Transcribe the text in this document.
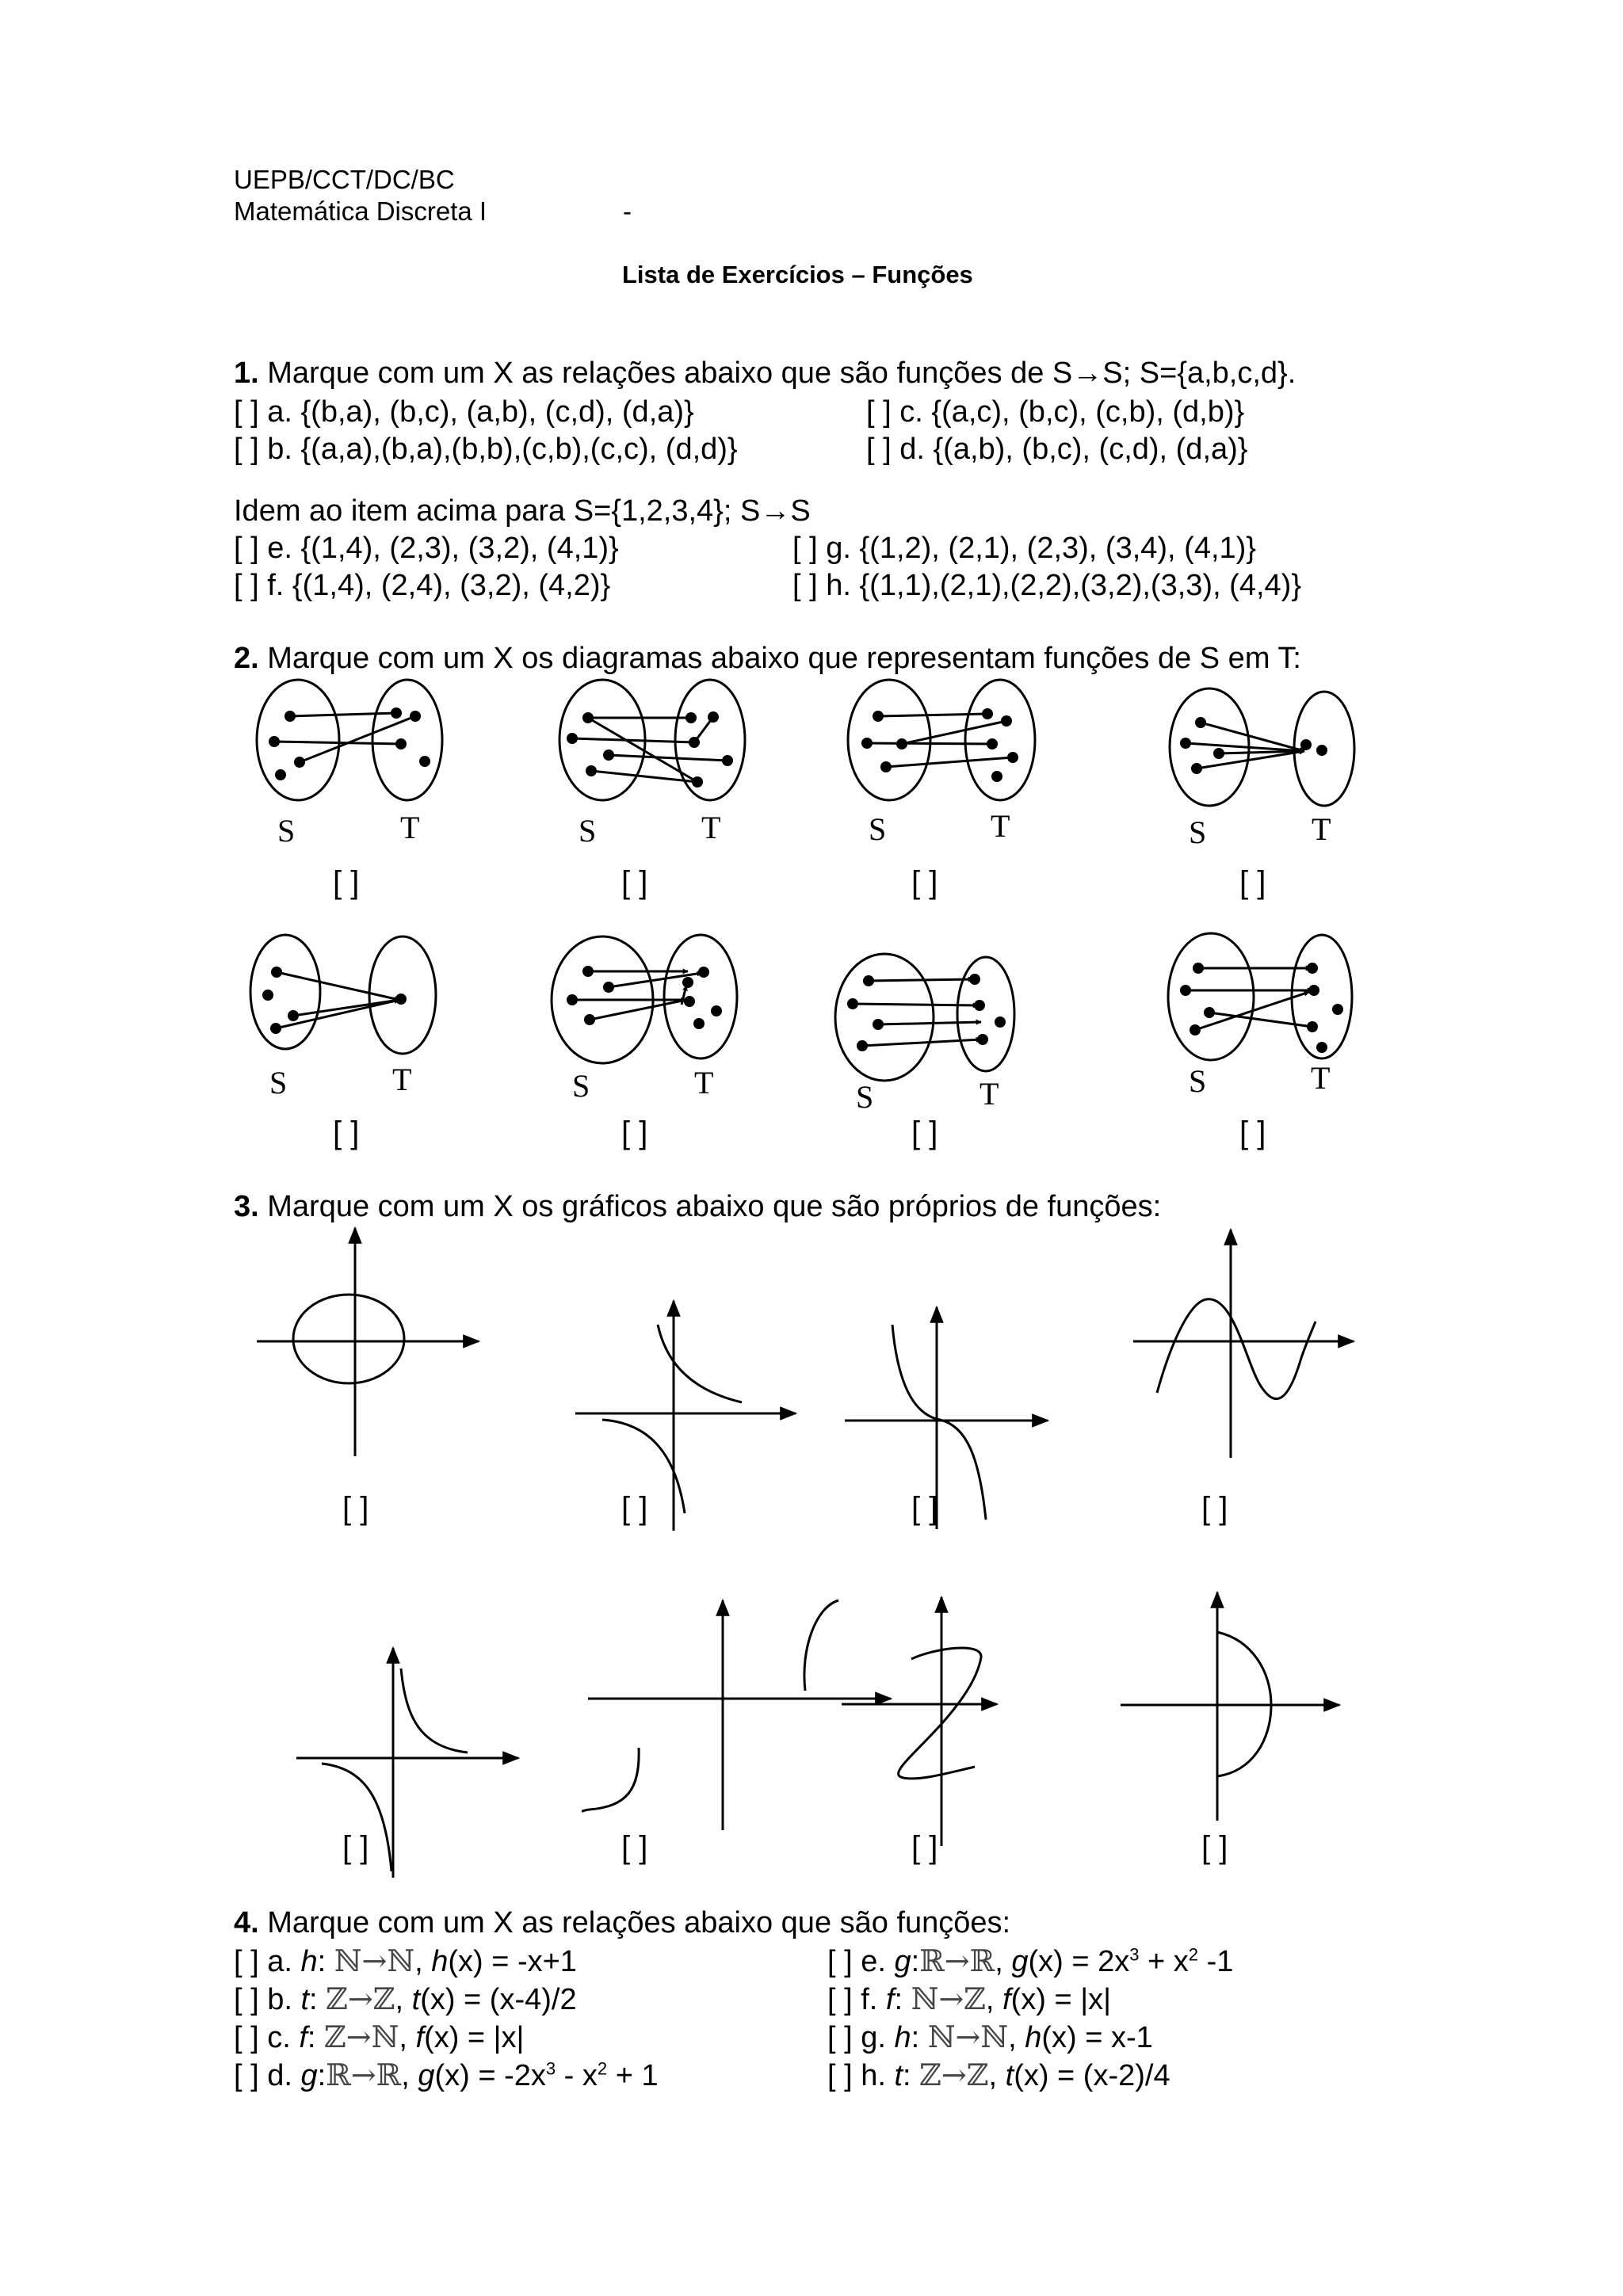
UEPB/CCT/DC/BC
Matemática Discreta I	-
Lista de Exercícios – Funções
1. Marque com um X as relações abaixo que são funções de S→S; S={a,b,c,d}.
[ ] a. {(b,a), (b,c), (a,b), (c,d), (d,a)}
[ ] b. {(a,a),(b,a),(b,b),(c,b),(c,c), (d,d)}
[ ] c. {(a,c), (b,c), (c,b), (d,b)}
[ ] d. {(a,b), (b,c), (c,d), (d,a)}
Idem ao item acima para S={1,2,3,4}; S→S
[ ] e. {(1,4), (2,3), (3,2), (4,1)}
[ ] f. {(1,4), (2,4), (3,2), (4,2)}
[ ] g. {(1,2), (2,1), (2,3), (3,4), (4,1)}
[ ] h. {(1,1),(2,1),(2,2),(3,2),(3,3), (4,4)}
2. Marque com um X os diagramas abaixo que representam funções de S em T:
S	T	S	T	S	T	S	T
S	T	S	T	S	T	S	T
[ ]	[ ]	[ ]	[ ]
[ ]	[ ]	[ ]	[ ]
3. Marque com um X os gráficos abaixo que são próprios de funções:
[ ]	[ ]	[ ]	[ ]
[ ]	[ ]	[ ]	[ ]
4. Marque com um X as relações abaixo que são funções:
[ ] a. h: ℕ→ℕ, h(x) = -x+1
[ ] b. t: ℤ→ℤ, t(x) = (x-4)/2
[ ] c. f: ℤ→ℕ, f(x) = |x|
[ ] d. g:ℝ→ℝ, $g(x) = -2x^3 - x^2 + 1$
[ ] e. g:ℝ→ℝ, $g(x) = 2x^3 + x^2$ -1
[ ] f. f: ℕ→ℤ, f(x) = |x|
[ ] g. h: ℕ→ℕ, h(x) = x-1
[ ] h. t: ℤ→ℤ, t(x) = (x-2)/4
